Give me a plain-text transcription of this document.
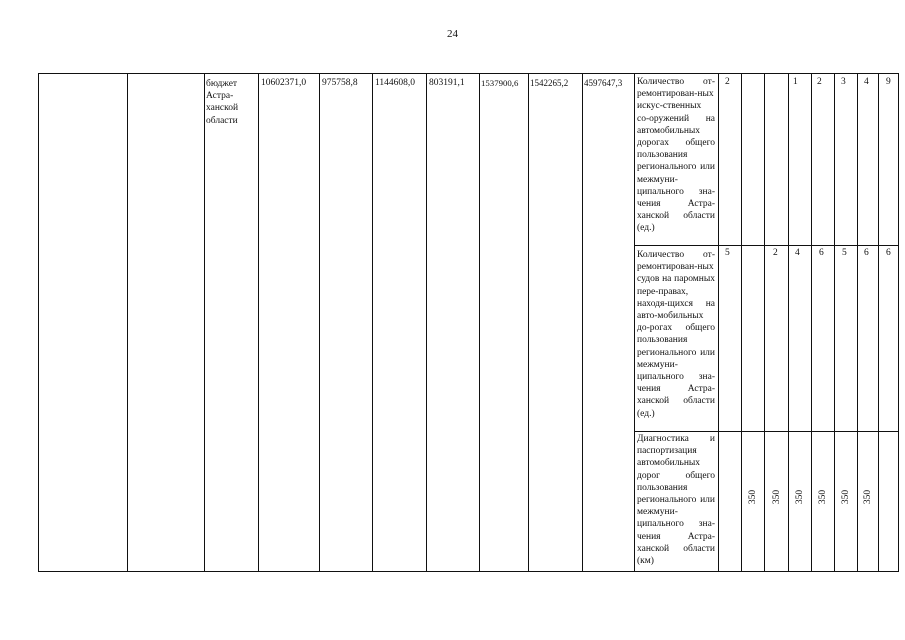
24
бюджет Астра-ханской области
10602371,0 975758,8 1144608,0 803191,1 1537900,6 1542265,2 4597647,3 Количество от-ремонтирован-ных искус-ственных со-оружений на автомобильных дорогах общего пользования регионального или межмуни-ципального зна-чения Астра-ханской области (ед.)
Количество от-ремонтирован-ных судов на паромных пере-правах, находя-щихся на авто-мобильных до-рогах общего пользования регионального или межмуни-ципального зна-чения Астра-ханской области (ед.)
Диагностика и паспортизация автомобильных дорог общего пользования регионального или межмуни-ципального зна-чения Астра-ханской области (км)
2	1 2 3 4 9
5	2 4 6 5 6 6
350 350 350 350 350 350
